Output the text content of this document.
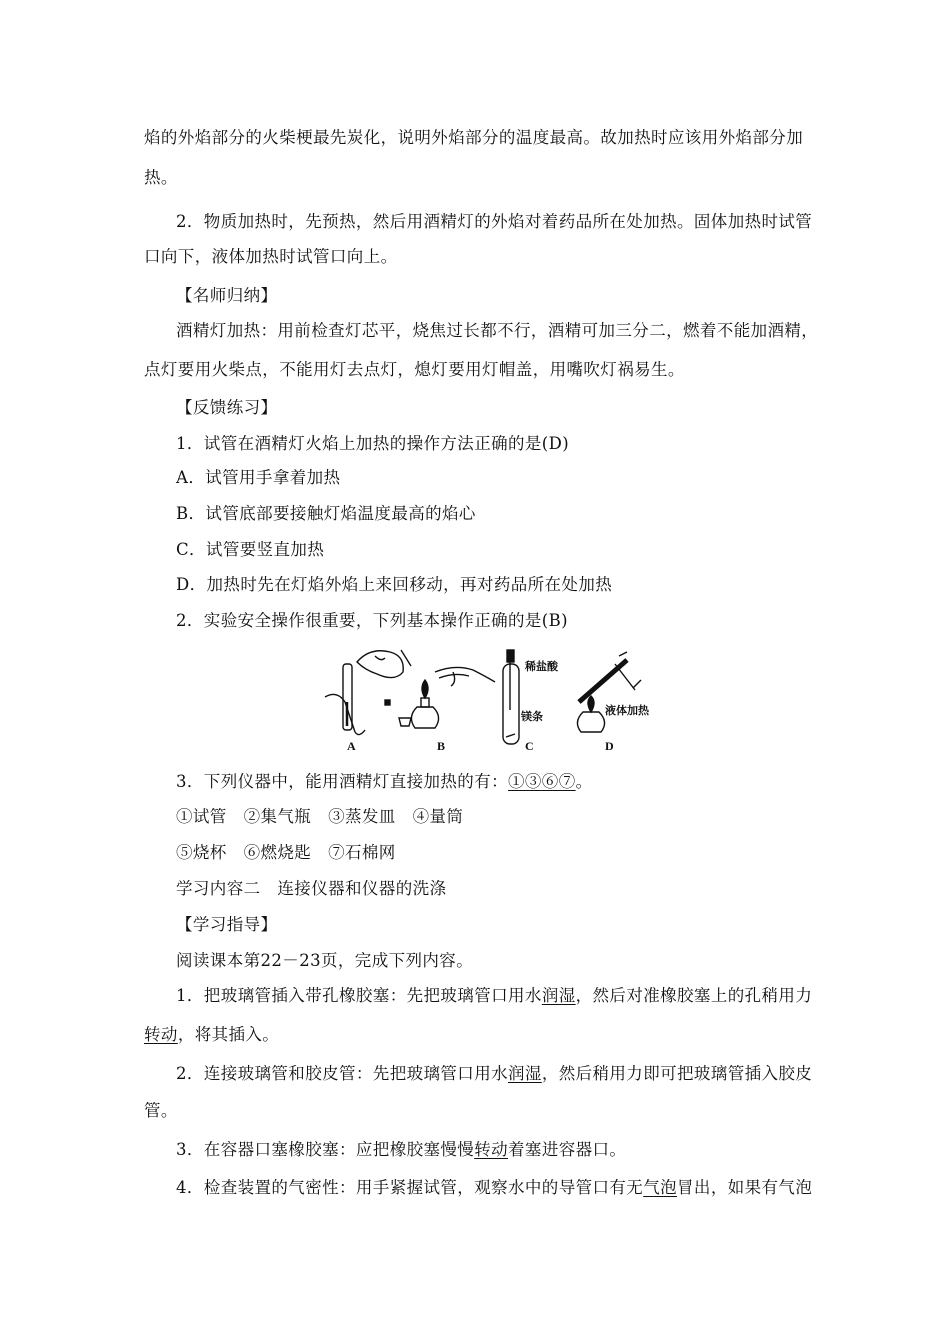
焰的外焰部分的火柴梗最先炭化，说明外焰部分的温度最高。故加热时应该用外焰部分加
热。
2．物质加热时，先预热，然后用酒精灯的外焰对着药品所在处加热。固体加热时试管
口向下，液体加热时试管口向上。
【名师归纳】
酒精灯加热：用前检查灯芯平，烧焦过长都不行，酒精可加三分二，燃着不能加酒精，
点灯要用火柴点，不能用灯去点灯，熄灯要用灯帽盖，用嘴吹灯祸易生。
【反馈练习】
1．试管在酒精灯火焰上加热的操作方法正确的是(D)
A．试管用手拿着加热
B．试管底部要接触灯焰温度最高的焰心
C．试管要竖直加热
D．加热时先在灯焰外焰上来回移动，再对药品所在处加热
2．实验安全操作很重要，下列基本操作正确的是(B)
稀盐酸
镁条	液体加热
A	B	C	D
3．下列仪器中，能用酒精灯直接加热的有：①③⑥⑦。
①试管　②集气瓶　③蒸发皿　④量筒
⑤烧杯　⑥燃烧匙　⑦石棉网
学习内容二　连接仪器和仪器的洗涤
【学习指导】
阅读课本第22－23页，完成下列内容。
1．把玻璃管插入带孔橡胶塞：先把玻璃管口用水润湿，然后对准橡胶塞上的孔稍用力
转动，将其插入。
2．连接玻璃管和胶皮管：先把玻璃管口用水润湿，然后稍用力即可把玻璃管插入胶皮
管。
3．在容器口塞橡胶塞：应把橡胶塞慢慢转动着塞进容器口。
4．检查装置的气密性：用手紧握试管，观察水中的导管口有无气泡冒出，如果有气泡
